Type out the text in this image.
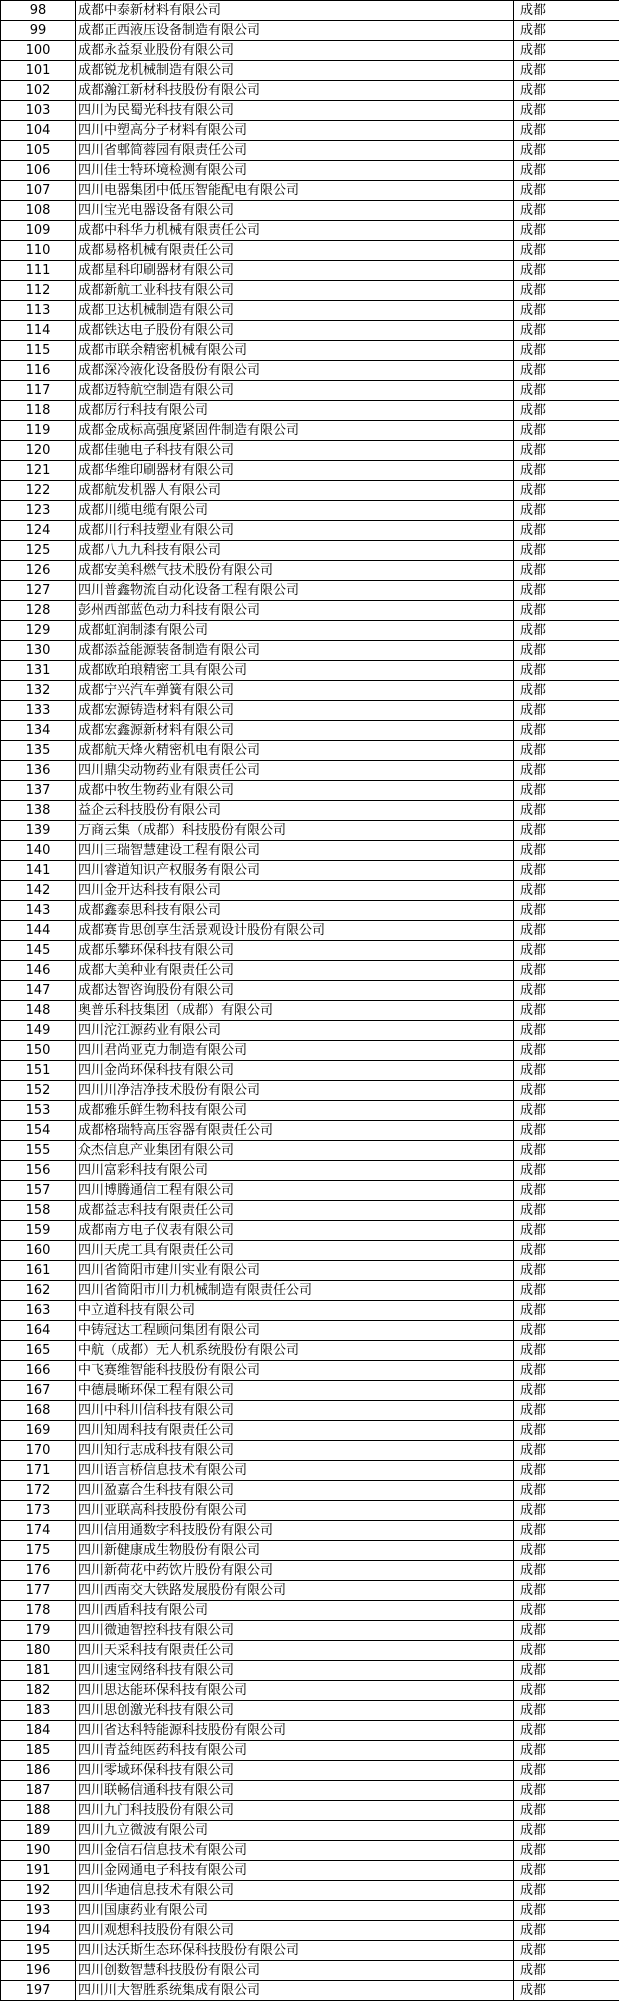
98	成都中泰新材料有限公司	成都
99	成都正西液压设备制造有限公司	成都
100	成都永益泵业股份有限公司	成都
101	成都锐龙机械制造有限公司	成都
102	成都瀚江新材科技股份有限公司	成都
103	四川为民蜀光科技有限公司	成都
104	四川中塑高分子材料有限公司	成都
105	四川省郫简蓉园有限责任公司	成都
106	四川佳士特环境检测有限公司	成都
107	四川电器集团中低压智能配电有限公司	成都
108	四川宝光电器设备有限公司	成都
109	成都中科华力机械有限责任公司	成都
110	成都易格机械有限责任公司	成都
111	成都星科印刷器材有限公司	成都
112	成都新航工业科技有限公司	成都
113	成都卫达机械制造有限公司	成都
114	成都铁达电子股份有限公司	成都
115	成都市联余精密机械有限公司	成都
116	成都深冷液化设备股份有限公司	成都
117	成都迈特航空制造有限公司	成都
118	成都厉行科技有限公司	成都
119	成都金成标高强度紧固件制造有限公司	成都
120	成都佳驰电子科技有限公司	成都
121	成都华维印刷器材有限公司	成都
122	成都航发机器人有限公司	成都
123	成都川缆电缆有限公司	成都
124	成都川行科技塑业有限公司	成都
125	成都八九九科技有限公司	成都
126	成都安美科燃气技术股份有限公司	成都
127	四川普鑫物流自动化设备工程有限公司	成都
128	彭州西部蓝色动力科技有限公司	成都
129	成都虹润制漆有限公司	成都
130	成都添益能源装备制造有限公司	成都
131	成都欧珀琅精密工具有限公司	成都
132	成都宁兴汽车弹簧有限公司	成都
133	成都宏源铸造材料有限公司	成都
134	成都宏鑫源新材料有限公司	成都
135	成都航天烽火精密机电有限公司	成都
136	四川鼎尖动物药业有限责任公司	成都
137	成都中牧生物药业有限公司	成都
138	益企云科技股份有限公司	成都
139	万商云集（成都）科技股份有限公司	成都
140	四川三瑞智慧建设工程有限公司	成都
141	四川睿道知识产权服务有限公司	成都
142	四川金开达科技有限公司	成都
143	成都鑫泰思科技有限公司	成都
144	成都赛肯思创享生活景观设计股份有限公司	成都
145	成都乐攀环保科技有限公司	成都
146	成都大美种业有限责任公司	成都
147	成都达智咨询股份有限公司	成都
148	奥普乐科技集团（成都）有限公司	成都
149	四川沱江源药业有限公司	成都
150	四川君尚亚克力制造有限公司	成都
151	四川金尚环保科技有限公司	成都
152	四川川净洁净技术股份有限公司	成都
153	成都雅乐鲜生物科技有限公司	成都
154	成都格瑞特高压容器有限责任公司	成都
155	众杰信息产业集团有限公司	成都
156	四川富彩科技有限公司	成都
157	四川博腾通信工程有限公司	成都
158	成都益志科技有限责任公司	成都
159	成都南方电子仪表有限公司	成都
160	四川天虎工具有限责任公司	成都
161	四川省简阳市建川实业有限公司	成都
162	四川省简阳市川力机械制造有限责任公司	成都
163	中立道科技有限公司	成都
164	中铸冠达工程顾问集团有限公司	成都
165	中航（成都）无人机系统股份有限公司	成都
166	中飞赛维智能科技股份有限公司	成都
167	中德晨晰环保工程有限公司	成都
168	四川中科川信科技有限公司	成都
169	四川知周科技有限责任公司	成都
170	四川知行志成科技有限公司	成都
171	四川语言桥信息技术有限公司	成都
172	四川盈嘉合生科技有限公司	成都
173	四川亚联高科技股份有限公司	成都
174	四川信用通数字科技股份有限公司	成都
175	四川新健康成生物股份有限公司	成都
176	四川新荷花中药饮片股份有限公司	成都
177	四川西南交大铁路发展股份有限公司	成都
178	四川西盾科技有限公司	成都
179	四川微迪智控科技有限公司	成都
180	四川天采科技有限责任公司	成都
181	四川速宝网络科技有限公司	成都
182	四川思达能环保科技有限公司	成都
183	四川思创激光科技有限公司	成都
184	四川省达科特能源科技股份有限公司	成都
185	四川青益纯医药科技有限公司	成都
186	四川零域环保科技有限公司	成都
187	四川联畅信通科技有限公司	成都
188	四川九门科技股份有限公司	成都
189	四川九立微波有限公司	成都
190	四川金信石信息技术有限公司	成都
191	四川金网通电子科技有限公司	成都
192	四川华迪信息技术有限公司	成都
193	四川国康药业有限公司	成都
194	四川观想科技股份有限公司	成都
195	四川达沃斯生态环保科技股份有限公司	成都
196	四川创数智慧科技股份有限公司	成都
197	四川川大智胜系统集成有限公司	成都
